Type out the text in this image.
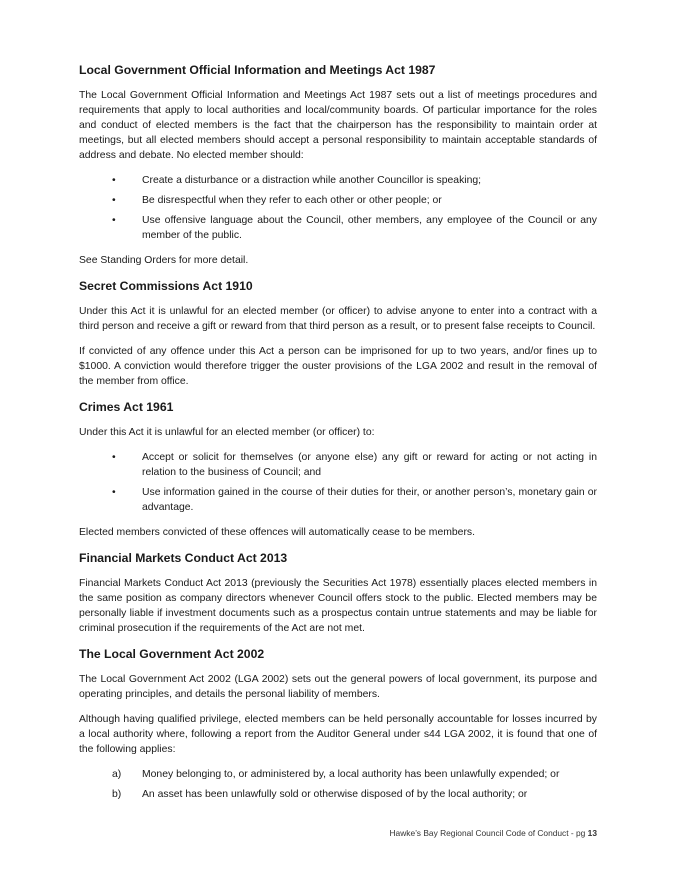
Local Government Official Information and Meetings Act 1987

The Local Government Official Information and Meetings Act 1987 sets out a list of meetings procedures and requirements that apply to local authorities and local/community boards. Of particular importance for the roles and conduct of elected members is the fact that the chairperson has the responsibility to maintain order at meetings, but all elected members should accept a personal responsibility to maintain acceptable standards of address and debate. No elected member should:

•	Create a disturbance or a distraction while another Councillor is speaking;
•	Be disrespectful when they refer to each other or other people; or
•	Use offensive language about the Council, other members, any employee of the Council or any member of the public.

See Standing Orders for more detail.

Secret Commissions Act 1910

Under this Act it is unlawful for an elected member (or officer) to advise anyone to enter into a contract with a third person and receive a gift or reward from that third person as a result, or to present false receipts to Council.

If convicted of any offence under this Act a person can be imprisoned for up to two years, and/or fines up to $1000. A conviction would therefore trigger the ouster provisions of the LGA 2002 and result in the removal of the member from office.

Crimes Act 1961

Under this Act it is unlawful for an elected member (or officer) to:

•	Accept or solicit for themselves (or anyone else) any gift or reward for acting or not acting in relation to the business of Council; and
•	Use information gained in the course of their duties for their, or another person’s, monetary gain or advantage.

Elected members convicted of these offences will automatically cease to be members.

Financial Markets Conduct Act 2013

Financial Markets Conduct Act 2013 (previously the Securities Act 1978) essentially places elected members in the same position as company directors whenever Council offers stock to the public. Elected members may be personally liable if investment documents such as a prospectus contain untrue statements and may be liable for criminal prosecution if the requirements of the Act are not met.

The Local Government Act 2002

The Local Government Act 2002 (LGA 2002) sets out the general powers of local government, its purpose and operating principles, and details the personal liability of members.

Although having qualified privilege, elected members can be held personally accountable for losses incurred by a local authority where, following a report from the Auditor General under s44 LGA 2002, it is found that one of the following applies:

a) Money belonging to, or administered by, a local authority has been unlawfully expended; or
b) An asset has been unlawfully sold or otherwise disposed of by the local authority; or
Hawke’s Bay Regional Council Code of Conduct - pg 13
